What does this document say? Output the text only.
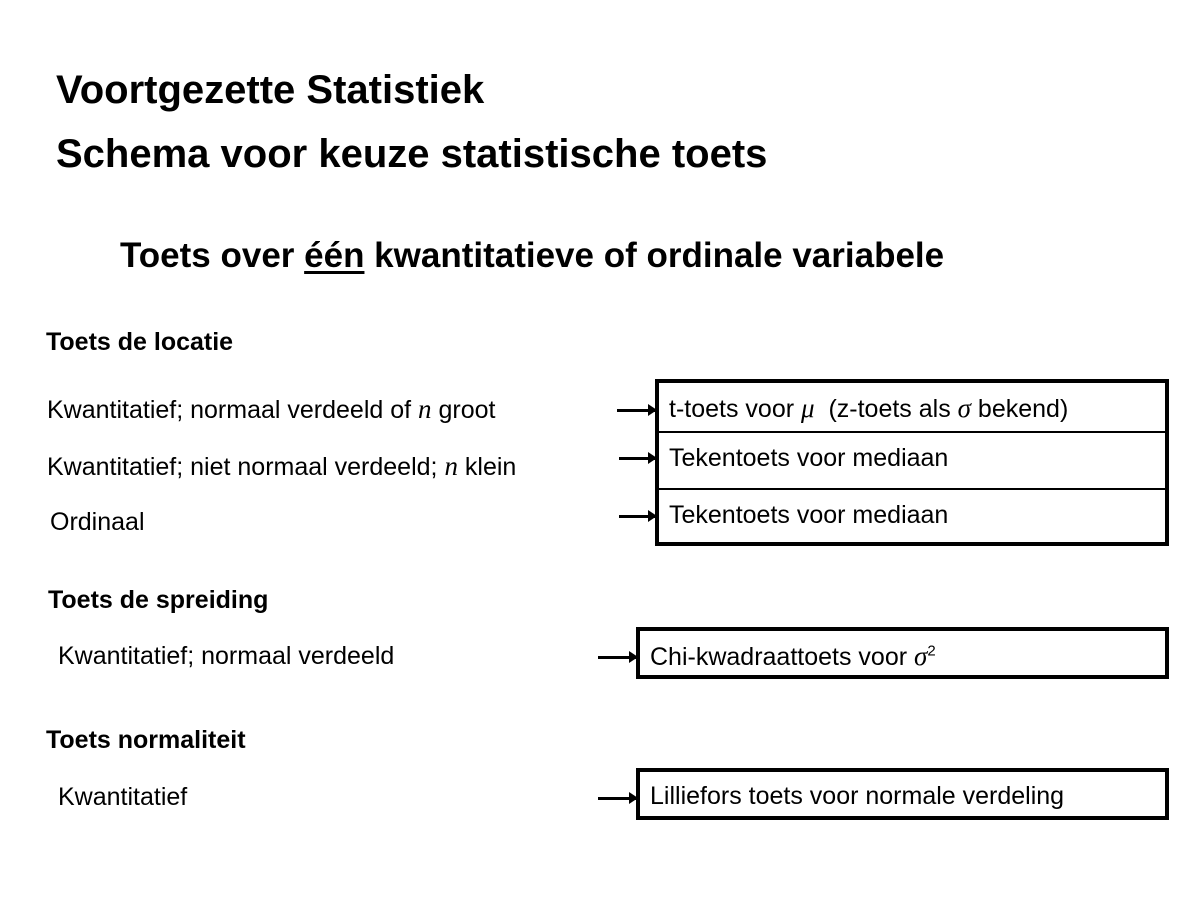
Voortgezette Statistiek
Schema voor keuze statistische toets
Toets over één kwantitatieve of ordinale variabele
Toets de locatie
Kwantitatief; normaal verdeeld of n groot
Kwantitatief; niet normaal verdeeld; n klein
Ordinaal
t-toets voor μ  (z-toets als σ bekend)
Tekentoets voor mediaan
Tekentoets voor mediaan
Toets de spreiding
Kwantitatief; normaal verdeeld	Chi-kwadraattoets voor $\sigma^2$
Toets normaliteit
Kwantitatief	Lilliefors toets voor normale verdeling
